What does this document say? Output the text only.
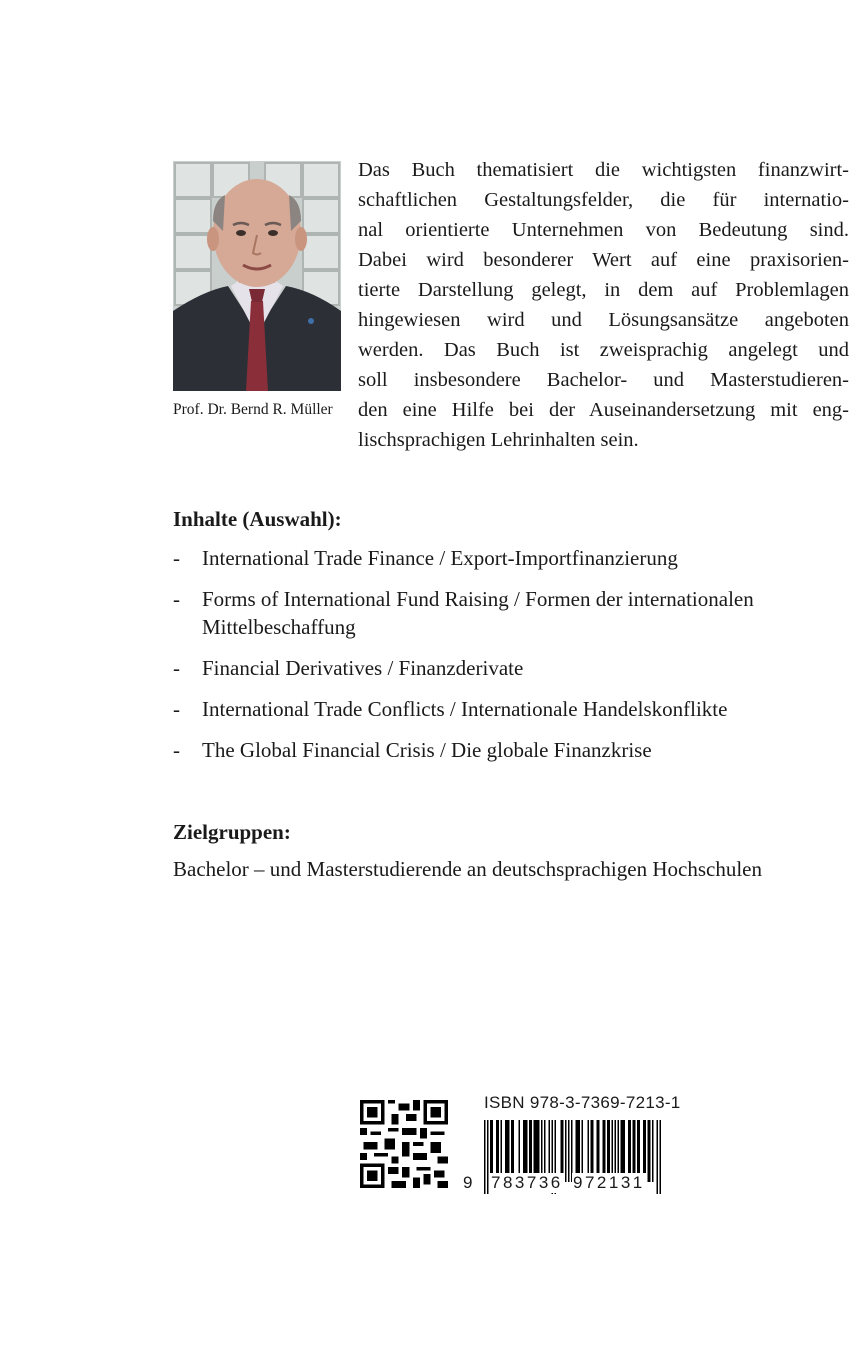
Prof. Dr. Bernd R. Müller
Das Buch thematisiert die wichtigsten finanzwirt-
schaftlichen Gestaltungsfelder, die für internatio-
nal orientierte Unternehmen von Bedeutung sind.
Dabei wird besonderer Wert auf eine praxisorien-
tierte Darstellung gelegt, in dem auf Problemlagen
hingewiesen wird und Lösungsansätze angeboten
werden. Das Buch ist zweisprachig angelegt und
soll insbesondere Bachelor- und Masterstudieren-
den eine Hilfe bei der Auseinandersetzung mit eng-
lischsprachigen Lehrinhalten sein.
Inhalte (Auswahl):
- International Trade Finance / Export-Importfinanzierung
- Forms of International Fund Raising / Formen der internationalen Mittelbeschaffung
- Financial Derivatives / Finanzderivate
- International Trade Conflicts / Internationale Handelskonflikte
- The Global Financial Crisis / Die globale Finanzkrise
Zielgruppen:
Bachelor – und Masterstudierende an deutschsprachigen Hochschulen
ISBN 978-3-7369-7213-1
9 783736 972131
